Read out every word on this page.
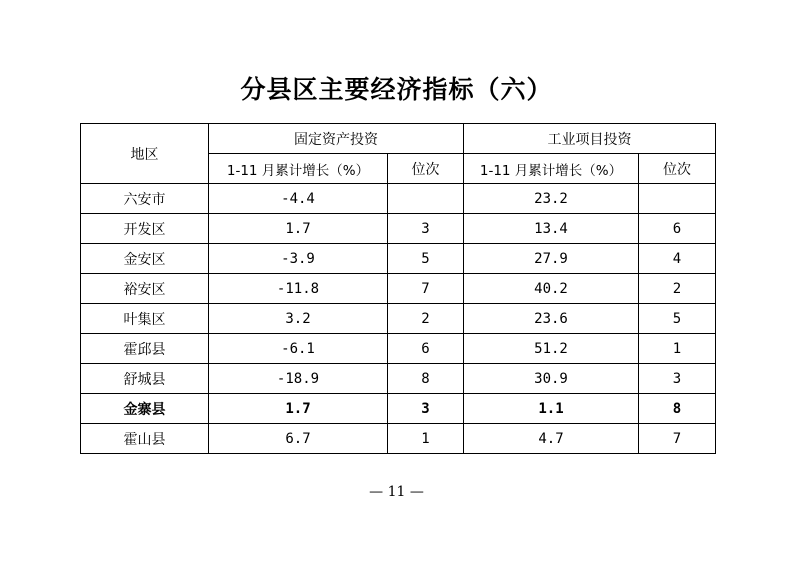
分县区主要经济指标（六）
地区	固定资产投资		工业项目投资	
	1-11 月累计增长（%）	位次	1-11 月累计增长（%）	位次
六安市	-4.4		23.2	
开发区	1.7	3	13.4	6
金安区	-3.9	5	27.9	4
裕安区	-11.8	7	40.2	2
叶集区	3.2	2	23.6	5
霍邱县	-6.1	6	51.2	1
舒城县	-18.9	8	30.9	3
金寨县	1.7	3	1.1	8
霍山县	6.7	1	4.7	7
— 11 —
